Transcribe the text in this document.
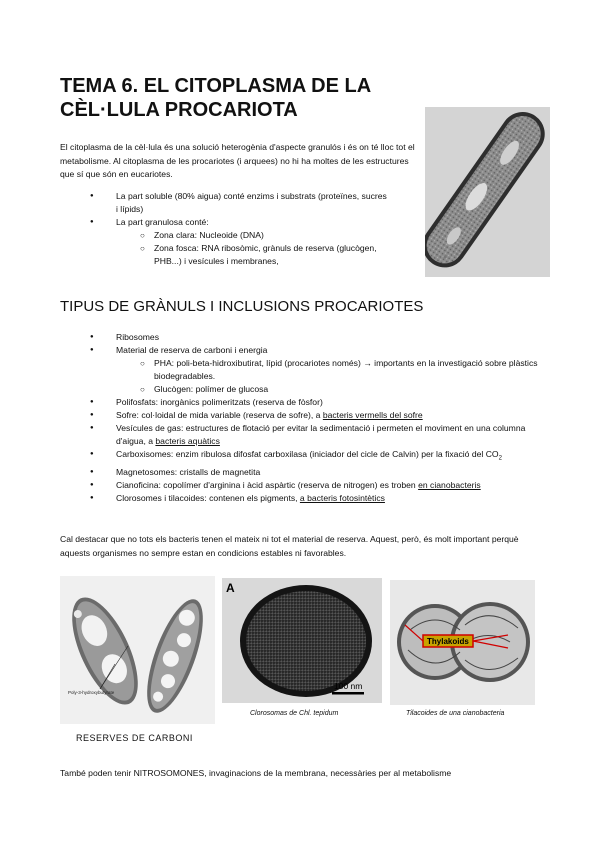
TEMA 6. EL CITOPLASMA DE LA CÈL·LULA PROCARIOTA

El citoplasma de la cèl·lula és una solució heterogènia d'aspecte granulós i és on té lloc tot el metabolisme. Al citoplasma de les procariotes (i arquees) no hi ha moltes de les estructures que sí que són en eucariotes.

● La part soluble (80% aigua) conté enzims i substrats (proteïnes, sucres i lípids)
● La part granulosa conté:
○ Zona clara: Nucleoide (DNA)
○ Zona fosca: RNA ribosòmic, grànuls de reserva (glucògen, PHB...) i vesícules i membranes,
TIPUS DE GRÀNULS I INCLUSIONS PROCARIOTES
● Ribosomes
● Material de reserva de carboni i energia
○ PHA: poli-beta-hidroxibutirat, lípid (procariotes només) → importants en la investigació sobre plàstics biodegradables.
○ Glucògen: polímer de glucosa
● Polifosfats: inorgànics polimeritzats (reserva de fòsfor)
● Sofre: col·loidal de mida variable (reserva de sofre), a bacteris vermells del sofre
● Vesícules de gas: estructures de flotació per evitar la sedimentació i permeten el moviment en una columna d'aigua, a bacteris aquàtics
● Carboxisomes: enzim ribulosa difosfat carboxilasa (iniciador del cicle de Calvin) per la fixació del $CO_2$
● Magnetosomes: cristalls de magnetita
● Cianoficina: copolímer d'arginina i àcid aspàrtic (reserva de nitrogen) es troben en cianobacteris
● Clorosomes i tilacoides: contenen els pigments, a bacteris fotosintètics

Cal destacar que no tots els bacteris tenen el mateix ni tot el material de reserva. Aquest, però, és molt important perquè aquests organismes no sempre estan en condicions estables ni favorables.

Poly-3-hydroxybutyrate
A
100 nm
Clorosomas de Chl. tepidum
Thylakoids
Tilacoides de una cianobacteria
RESERVES DE CARBONI

També poden tenir NITROSOMONES, invaginacions de la membrana, necessàries per al metabolisme
